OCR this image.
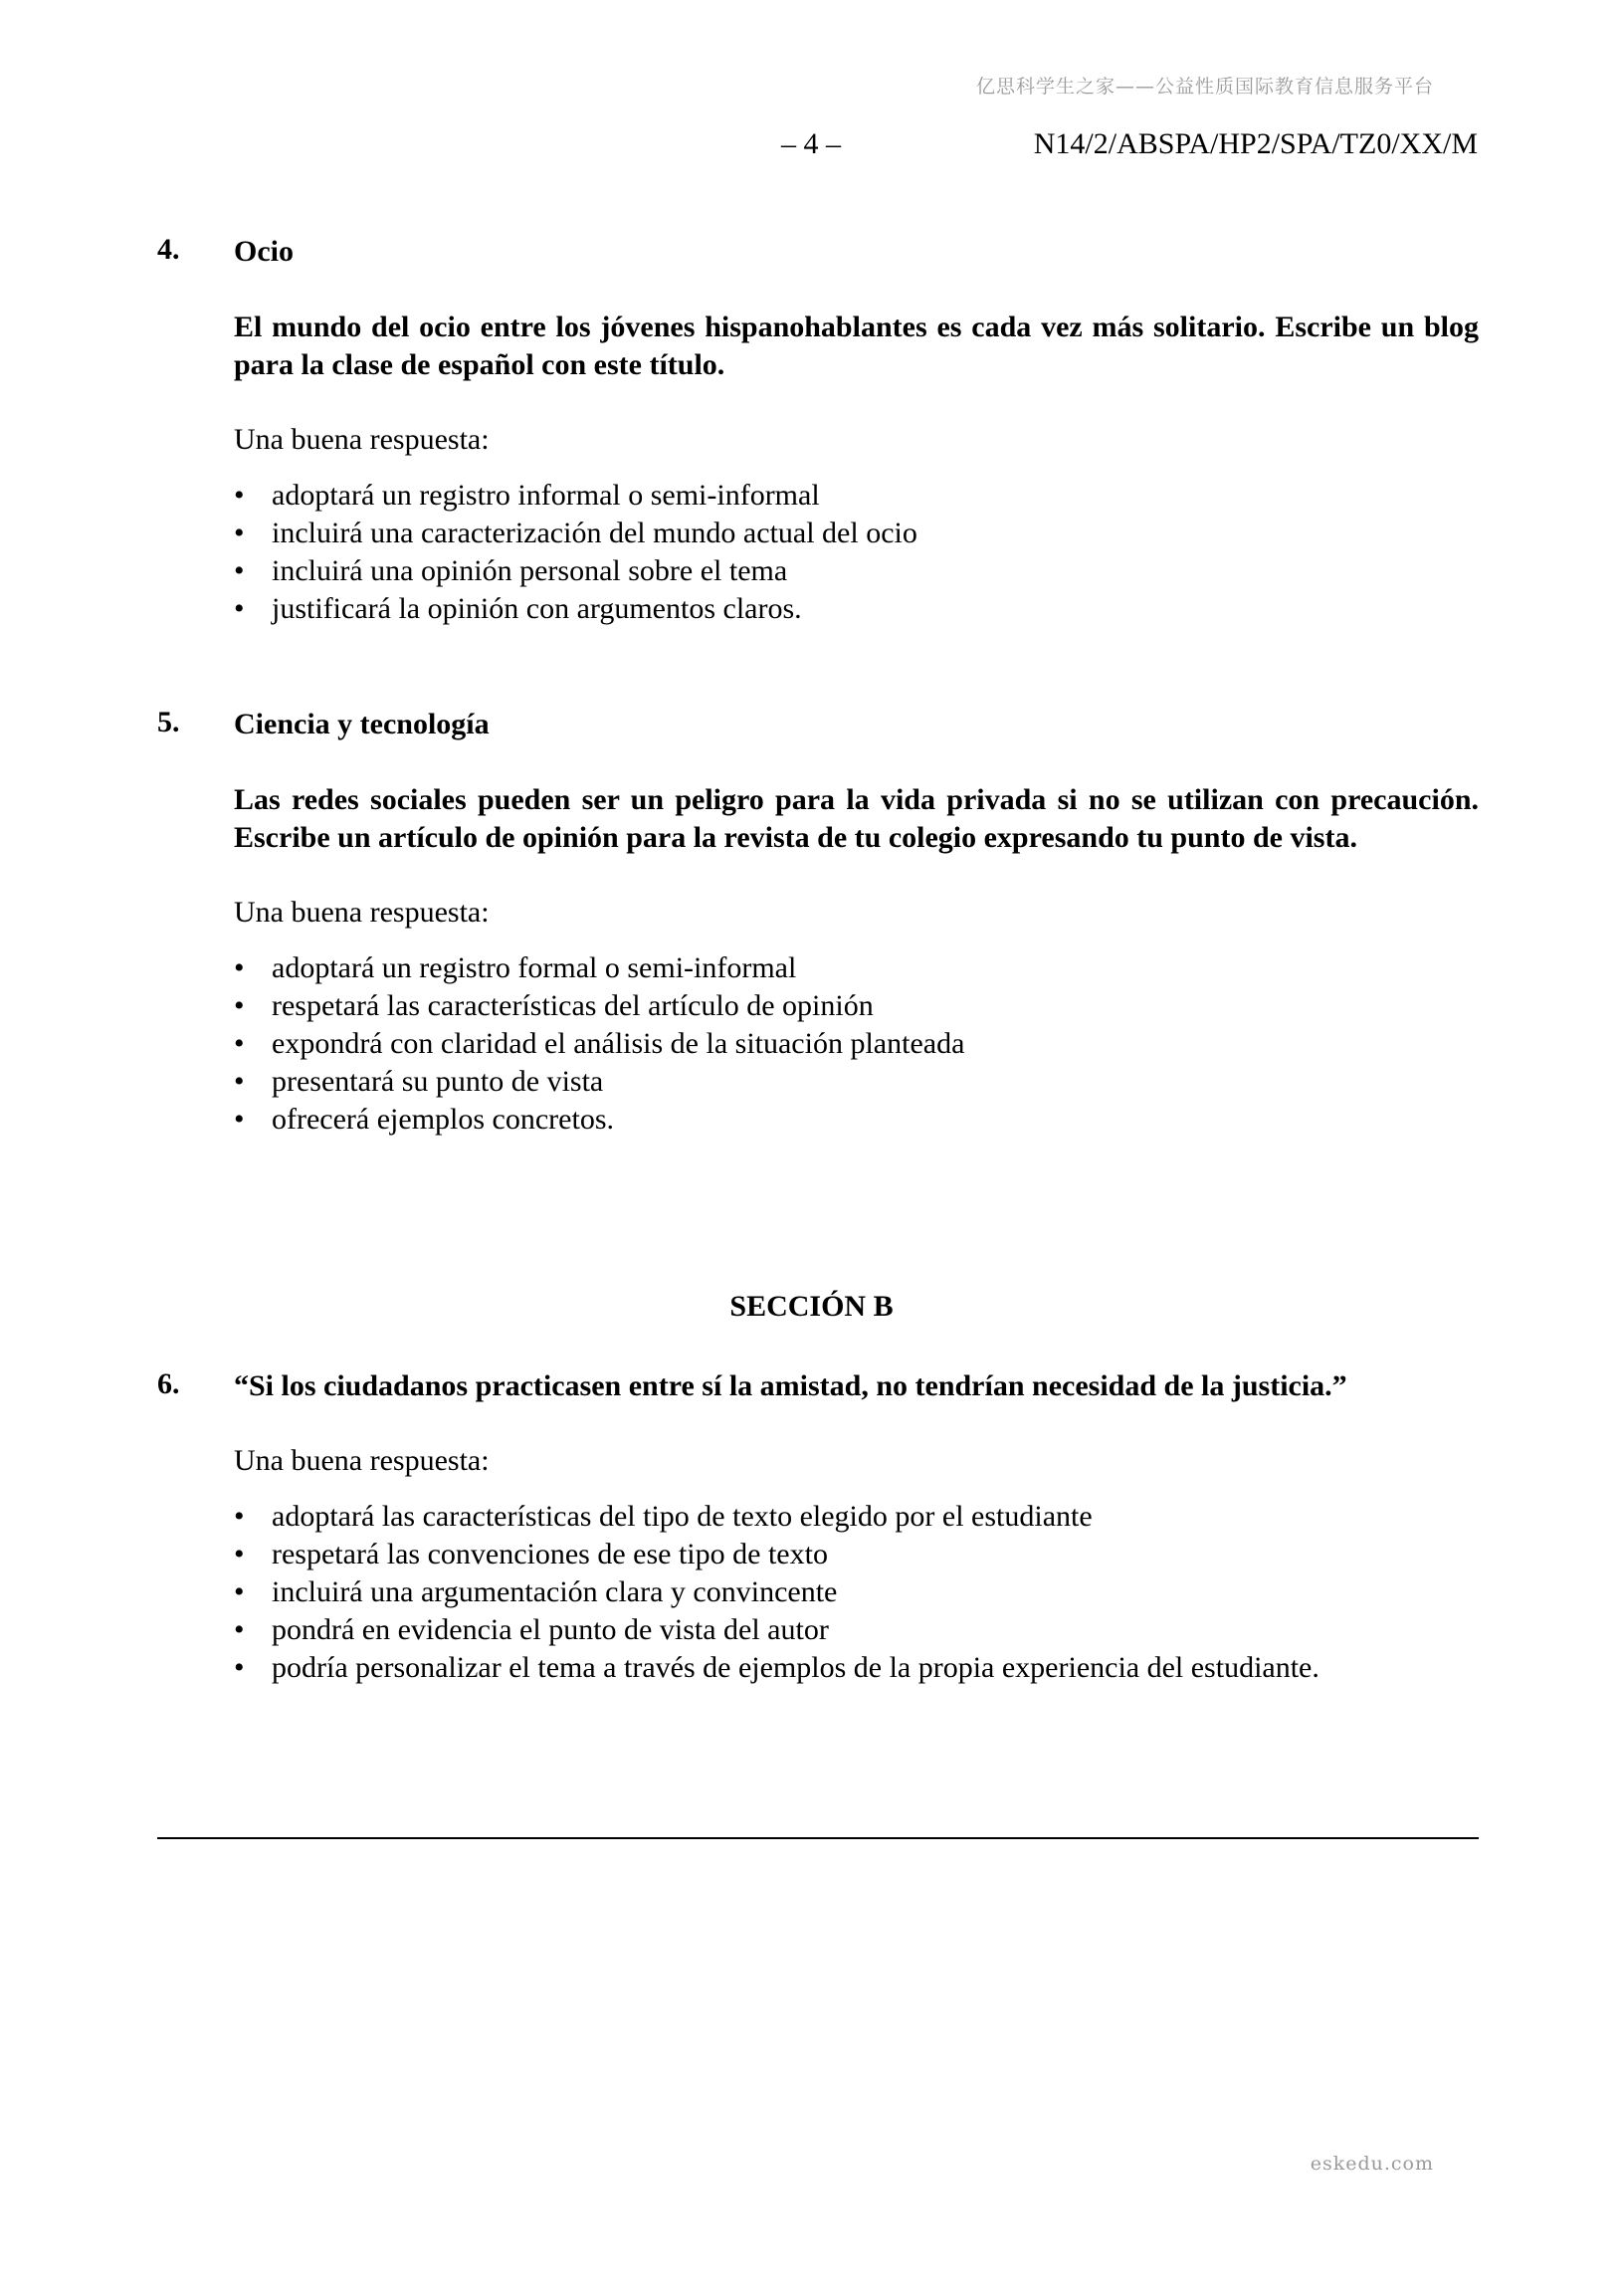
亿思科学生之家——公益性质国际教育信息服务平台
– 4 –	N14/2/ABSPA/HP2/SPA/TZ0/XX/M
4. Ocio
El mundo del ocio entre los jóvenes hispanohablantes es cada vez más solitario. Escribe un blog para la clase de español con este título.
Una buena respuesta:
• adoptará un registro informal o semi-informal
• incluirá una caracterización del mundo actual del ocio
• incluirá una opinión personal sobre el tema
• justificará la opinión con argumentos claros.
5. Ciencia y tecnología
Las redes sociales pueden ser un peligro para la vida privada si no se utilizan con precaución. Escribe un artículo de opinión para la revista de tu colegio expresando tu punto de vista.
Una buena respuesta:
• adoptará un registro formal o semi-informal
• respetará las características del artículo de opinión
• expondrá con claridad el análisis de la situación planteada
• presentará su punto de vista
• ofrecerá ejemplos concretos.
SECCIÓN B
6. “Si los ciudadanos practicasen entre sí la amistad, no tendrían necesidad de la justicia.”
Una buena respuesta:
• adoptará las características del tipo de texto elegido por el estudiante
• respetará las convenciones de ese tipo de texto
• incluirá una argumentación clara y convincente
• pondrá en evidencia el punto de vista del autor
• podría personalizar el tema a través de ejemplos de la propia experiencia del estudiante.
eskedu.com
